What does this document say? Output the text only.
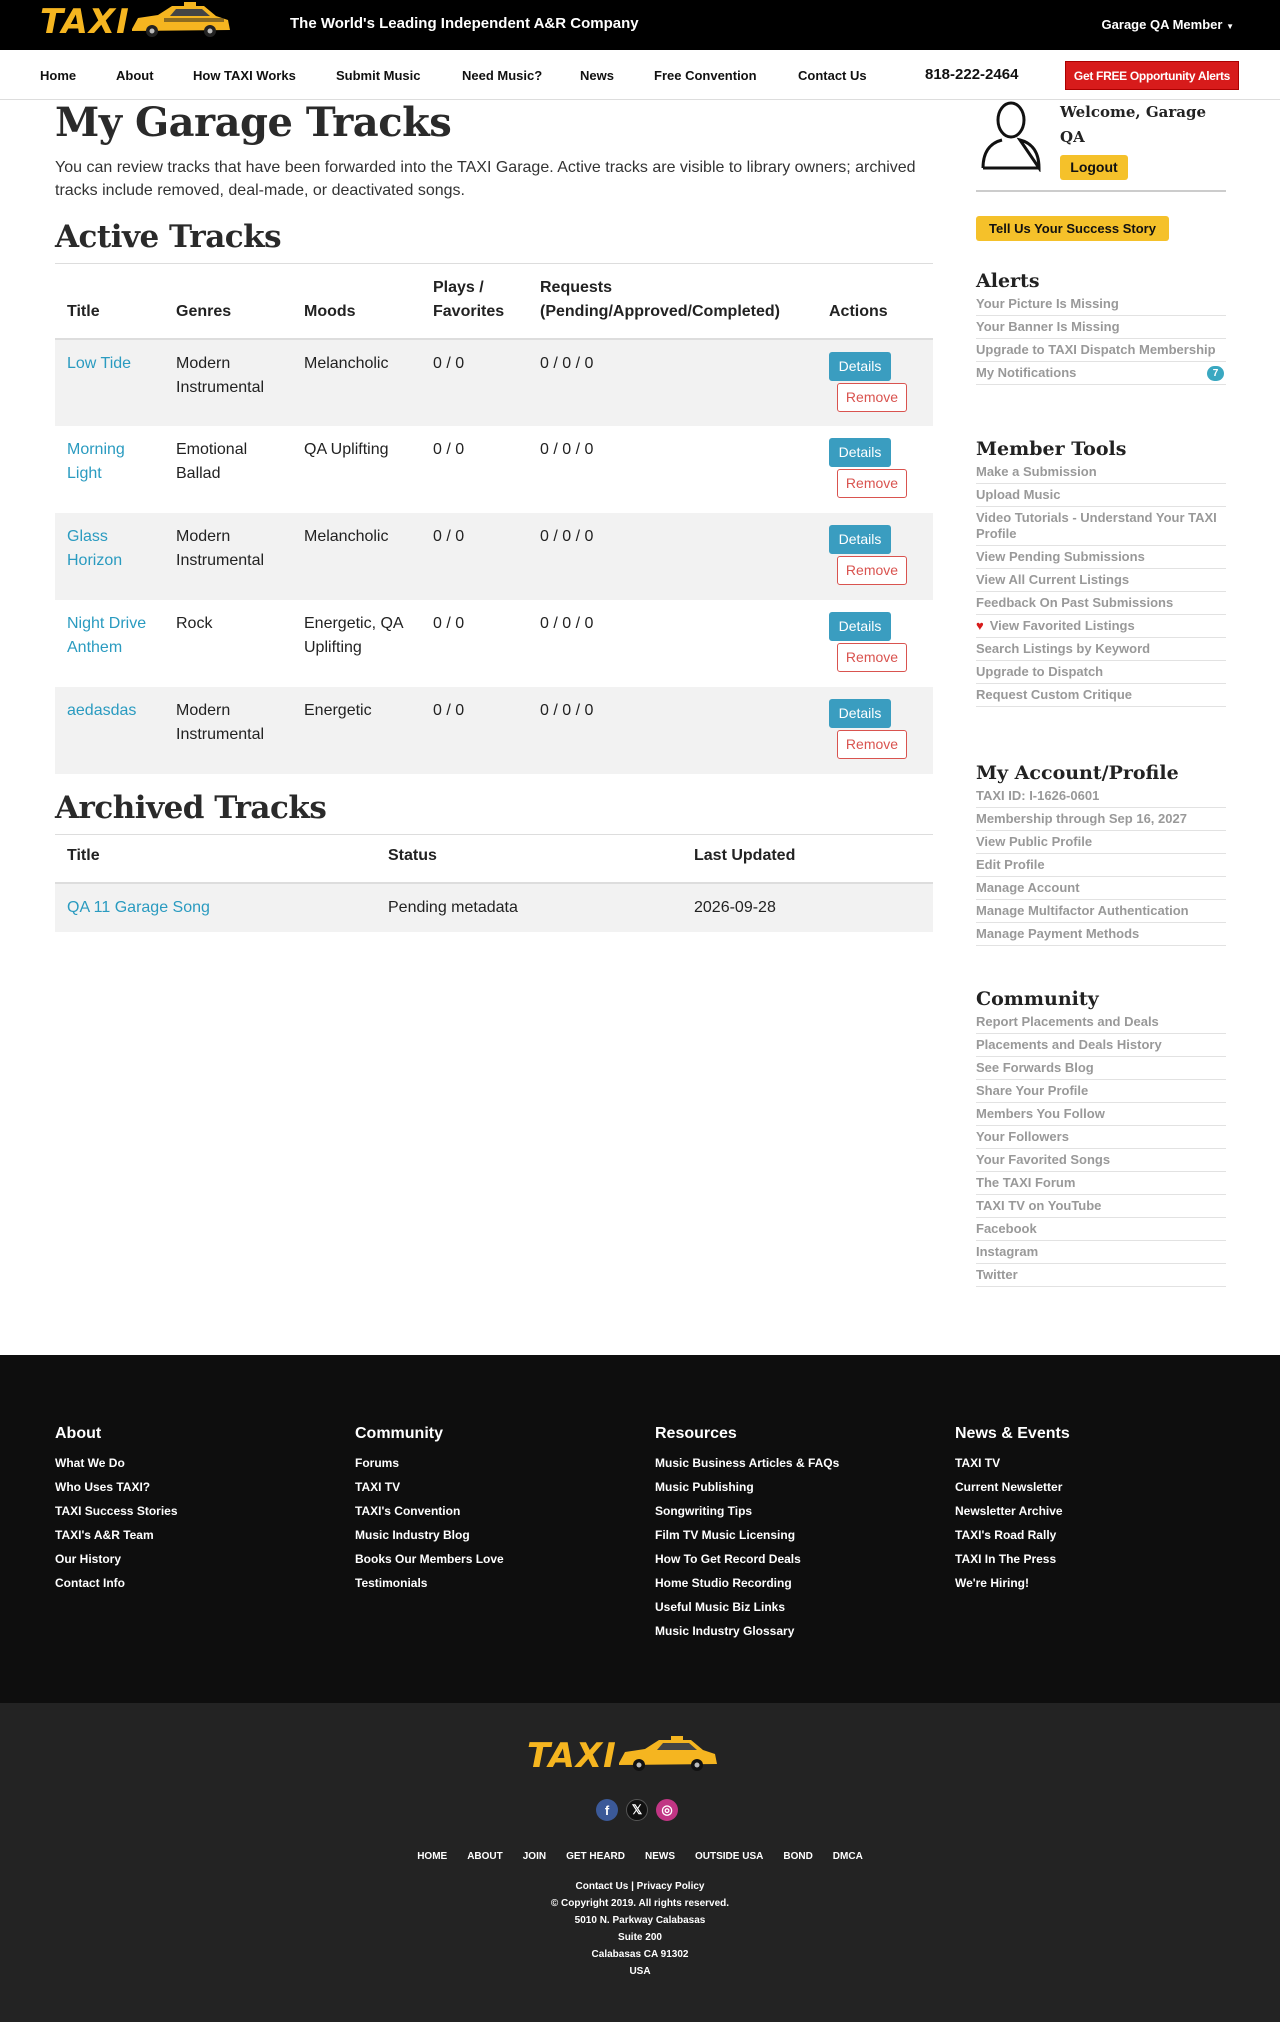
TAXI	The World's Leading Independent A&R Company	Garage QA Member ▼
Home	About	How TAXI Works	Submit Music	Need Music?	News	Free Convention	Contact Us	818-222-2464	Get FREE Opportunity Alerts
My Garage Tracks

You can review tracks that have been forwarded into the TAXI Garage. Active tracks are visible to library owners; archived tracks include removed, deal-made, or deactivated songs.

Active Tracks
Title	Genres	Moods	Plays / Favorites	Requests (Pending/Approved/Completed)	Actions
Low Tide	Modern Instrumental	Melancholic	0 / 0	0 / 0 / 0	Details
Remove

Morning Light	Emotional Ballad	QA Uplifting	0 / 0	0 / 0 / 0	Details
Remove

Glass Horizon	Modern Instrumental	Melancholic	0 / 0	0 / 0 / 0	Details
Remove

Night Drive Anthem	Rock	Energetic, QA Uplifting	0 / 0	0 / 0 / 0	Details
Remove

aedasdas	Modern Instrumental	Energetic	0 / 0	0 / 0 / 0	Details
Remove
Archived Tracks
Title	Status	Last Updated
QA 11 Garage Song	Pending metadata	2026-09-28
Welcome, Garage QA
Logout
Tell Us Your Success Story
Alerts
Your Picture Is Missing
Your Banner Is Missing
Upgrade to TAXI Dispatch Membership
My Notifications	7
Member Tools
Make a Submission
Upload Music
Video Tutorials - Understand Your TAXI Profile
View Pending Submissions
View All Current Listings
Feedback On Past Submissions
♥ View Favorited Listings
Search Listings by Keyword
Upgrade to Dispatch
Request Custom Critique
My Account/Profile
TAXI ID: I-1626-0601
Membership through Sep 16, 2027
View Public Profile
Edit Profile
Manage Account
Manage Multifactor Authentication
Manage Payment Methods
Community
Report Placements and Deals
Placements and Deals History
See Forwards Blog
Share Your Profile
Members You Follow
Your Followers
Your Favorited Songs
The TAXI Forum
TAXI TV on YouTube
Facebook
Instagram
Twitter
About
What We Do
Who Uses TAXI?
TAXI Success Stories
TAXI's A&R Team
Our History
Contact Info
Community
Forums
TAXI TV
TAXI's Convention
Music Industry Blog
Books Our Members Love
Testimonials
Resources
Music Business Articles & FAQs
Music Publishing
Songwriting Tips
Film TV Music Licensing
How To Get Record Deals
Home Studio Recording
Useful Music Biz Links
Music Industry Glossary
News & Events
TAXI TV
Current Newsletter
Newsletter Archive
TAXI's Road Rally
TAXI In The Press
We're Hiring!
TAXI
f	𝕏	◎
HOME ABOUT JOIN GET HEARD NEWS OUTSIDE USA BOND DMCA
Contact Us | Privacy Policy
© Copyright 2019. All rights reserved.
5010 N. Parkway Calabasas
Suite 200
Calabasas CA 91302
USA
